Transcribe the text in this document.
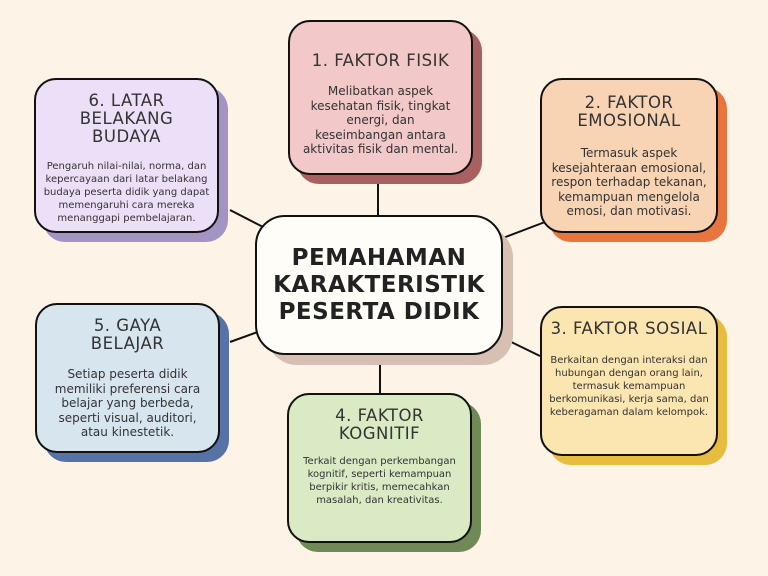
1. FAKTOR FISIK
Melibatkan aspek kesehatan fisik, tingkat energi, dan keseimbangan antara aktivitas fisik dan mental.
2. FAKTOR EMOSIONAL
Termasuk aspek kesejahteraan emosional, respon terhadap tekanan, kemampuan mengelola emosi, dan motivasi.
3. FAKTOR SOSIAL
Berkaitan dengan interaksi dan hubungan dengan orang lain, termasuk kemampuan berkomunikasi, kerja sama, dan keberagaman dalam kelompok.
4. FAKTOR KOGNITIF
Terkait dengan perkembangan kognitif, seperti kemampuan berpikir kritis, memecahkan masalah, dan kreativitas.
5. GAYA BELAJAR
Setiap peserta didik memiliki preferensi cara belajar yang berbeda, seperti visual, auditori, atau kinestetik.
6. LATAR BELAKANG BUDAYA
Pengaruh nilai-nilai, norma, dan kepercayaan dari latar belakang budaya peserta didik yang dapat memengaruhi cara mereka menanggapi pembelajaran.
PEMAHAMAN KARAKTERISTIK PESERTA DIDIK
